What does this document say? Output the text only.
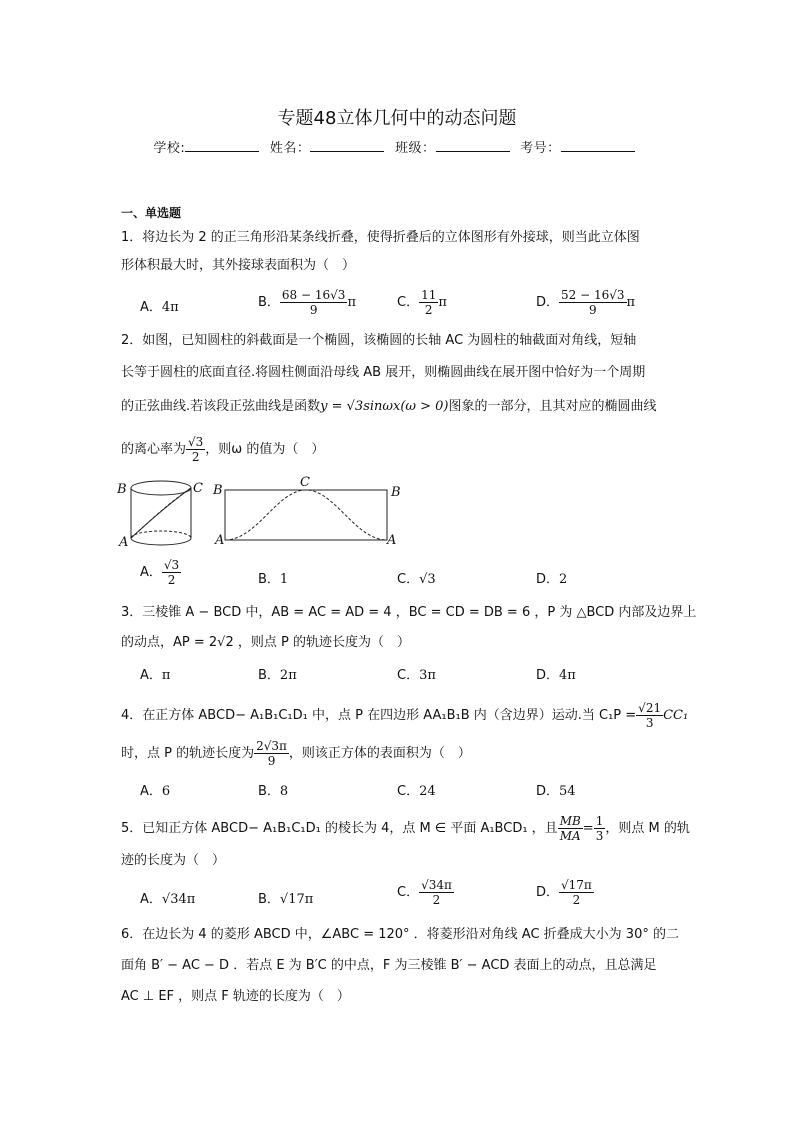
专题48立体几何中的动态问题
学校:	姓名：	班级：	考号：
一、单选题
1．将边长为 2 的正三角形沿某条线折叠，使得折叠后的立体图形有外接球，则当此立体图
形体积最大时，其外接球表面积为（　）
A．4π	B． $\frac{68 - 16√3}{9}$ π	C． $\frac{11}{2}$ π	D． $\frac{52 - 16√3}{9}$ π
2．如图，已知圆柱的斜截面是一个椭圆，该椭圆的长轴 AC 为圆柱的轴截面对角线，短轴
长等于圆柱的底面直径.将圆柱侧面沿母线 AB 展开，则椭圆曲线在展开图中恰好为一个周期
的正弦曲线.若该段正弦曲线是函数y = √3sinωx(ω > 0)图象的一部分，且其对应的椭圆曲线
的离心率为 $\frac{√3}{2}$ ，则ω 的值为（　）
B	C
A
B
C
B
A	A
A． $\frac{√3}{2}$	B．1	C．√3	D．2
3．三棱锥 A − BCD 中，AB = AC = AD = 4 ，BC = CD = DB = 6 ，P 为 △BCD 内部及边界上
的动点，AP = 2√2 ，则点 P 的轨迹长度为（　）
A．π	B．2π	C．3π	D．4π
4．在正方体 ABCD− A₁B₁C₁D₁ 中，点 P 在四边形 AA₁B₁B 内（含边界）运动.当 $C_1P = \frac{√21}{3} CC_1$
时，点 P 的轨迹长度为 $\frac{2√3\pi}{9}$ ，则该正方体的表面积为（　）
A．6	B．8	C．24	D．54
5．已知正方体 ABCD− A₁B₁C₁D₁ 的棱长为 4，点 M ∈ 平面 A₁BCD₁ ，且 $\frac{MB}{MA} = \frac{1}{3}$ ，则点 M 的轨
迹的长度为（　）
A．√34π	B．√17π	C． $\frac{√34\pi}{2}$	D． $\frac{√17\pi}{2}$
6．在边长为 4 的菱形 ABCD 中，∠ABC = 120° ．将菱形沿对角线 AC 折叠成大小为 30° 的二
面角 B′ − AC − D ．若点 E 为 B′C 的中点，F 为三棱锥 B′ − ACD 表面上的动点，且总满足
AC ⊥ EF ，则点 F 轨迹的长度为（　）
